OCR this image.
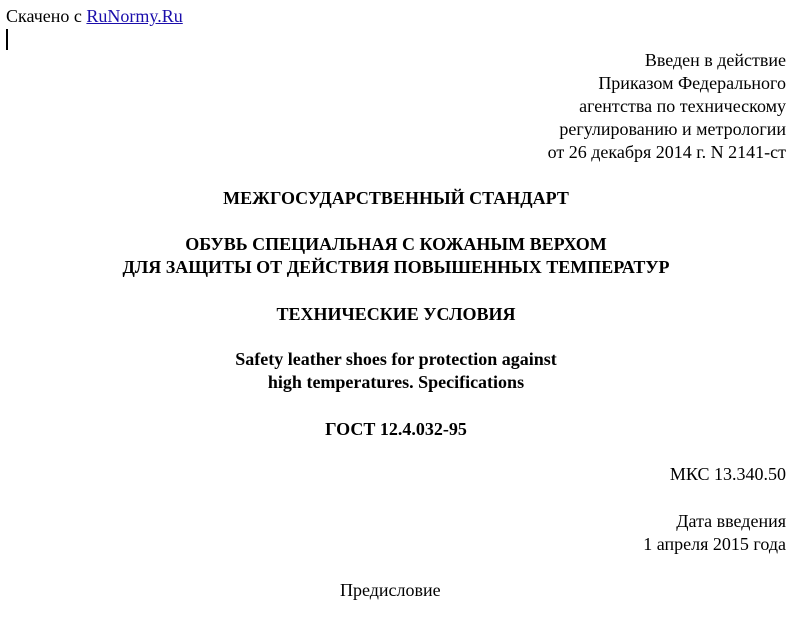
Скачено с RuNormy.Ru
Введен в действие
Приказом Федерального
агентства по техническому
регулированию и метрологии
от 26 декабря 2014 г. N 2141-ст
МЕЖГОСУДАРСТВЕННЫЙ СТАНДАРТ
ОБУВЬ СПЕЦИАЛЬНАЯ С КОЖАНЫМ ВЕРХОМ
ДЛЯ ЗАЩИТЫ ОТ ДЕЙСТВИЯ ПОВЫШЕННЫХ ТЕМПЕРАТУР
ТЕХНИЧЕСКИЕ УСЛОВИЯ
Safety leather shoes for protection against
high temperatures. Specifications
ГОСТ 12.4.032-95
МКС 13.340.50
Дата введения
1 апреля 2015 года
Предисловие
